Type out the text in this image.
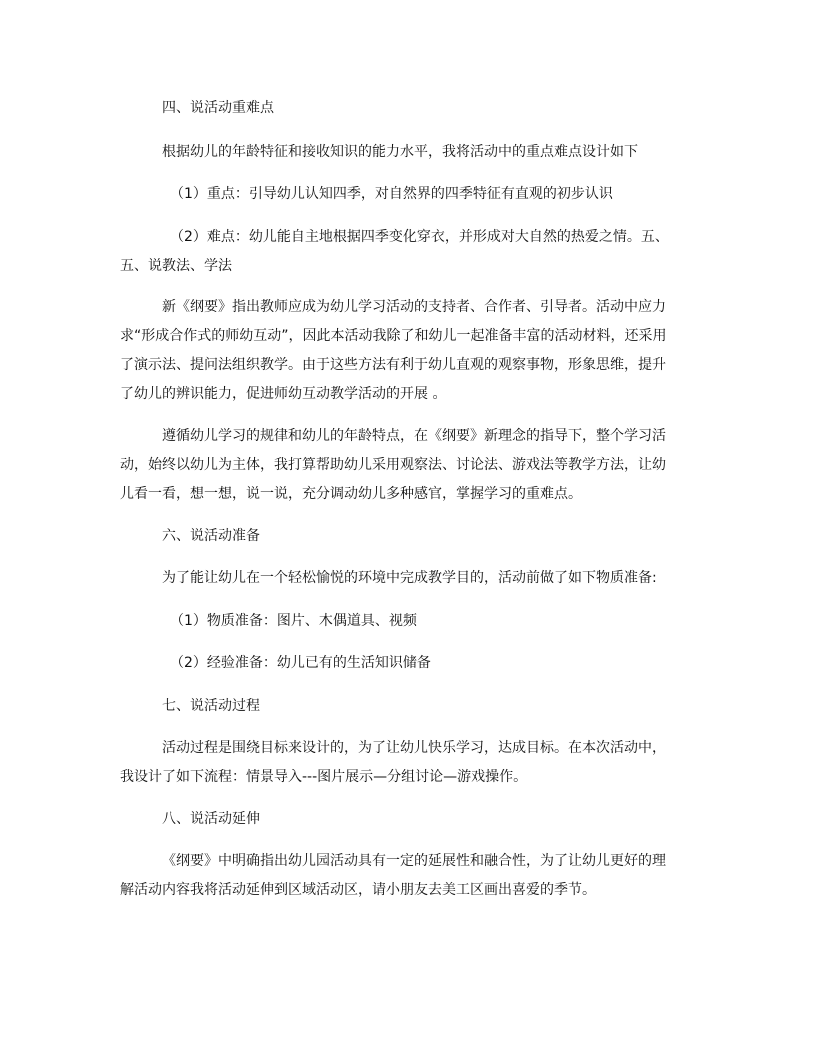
四、说活动重难点
根据幼儿的年龄特征和接收知识的能力水平，我将活动中的重点难点设计如下
（1）重点：引导幼儿认知四季，对自然界的四季特征有直观的初步认识
（2）难点：幼儿能自主地根据四季变化穿衣，并形成对大自然的热爱之情。五、
五、说教法、学法
新《纲要》指出教师应成为幼儿学习活动的支持者、合作者、引导者。活动中应力
求“形成合作式的师幼互动”，因此本活动我除了和幼儿一起准备丰富的活动材料，还采用
了演示法、提问法组织教学。由于这些方法有利于幼儿直观的观察事物，形象思维，提升
了幼儿的辨识能力，促进师幼互动教学活动的开展 。
遵循幼儿学习的规律和幼儿的年龄特点，在《纲要》新理念的指导下，整个学习活
动，始终以幼儿为主体，我打算帮助幼儿采用观察法、讨论法、游戏法等教学方法，让幼
儿看一看，想一想，说一说，充分调动幼儿多种感官，掌握学习的重难点。
六、说活动准备
为了能让幼儿在一个轻松愉悦的环境中完成教学目的，活动前做了如下物质准备:
（1）物质准备：图片、木偶道具、视频
（2）经验准备：幼儿已有的生活知识储备
七、说活动过程
活动过程是围绕目标来设计的，为了让幼儿快乐学习，达成目标。在本次活动中，
我设计了如下流程：情景导入---图片展示—分组讨论—游戏操作。
八、说活动延伸
《纲要》中明确指出幼儿园活动具有一定的延展性和融合性，为了让幼儿更好的理
解活动内容我将活动延伸到区域活动区，请小朋友去美工区画出喜爱的季节。
